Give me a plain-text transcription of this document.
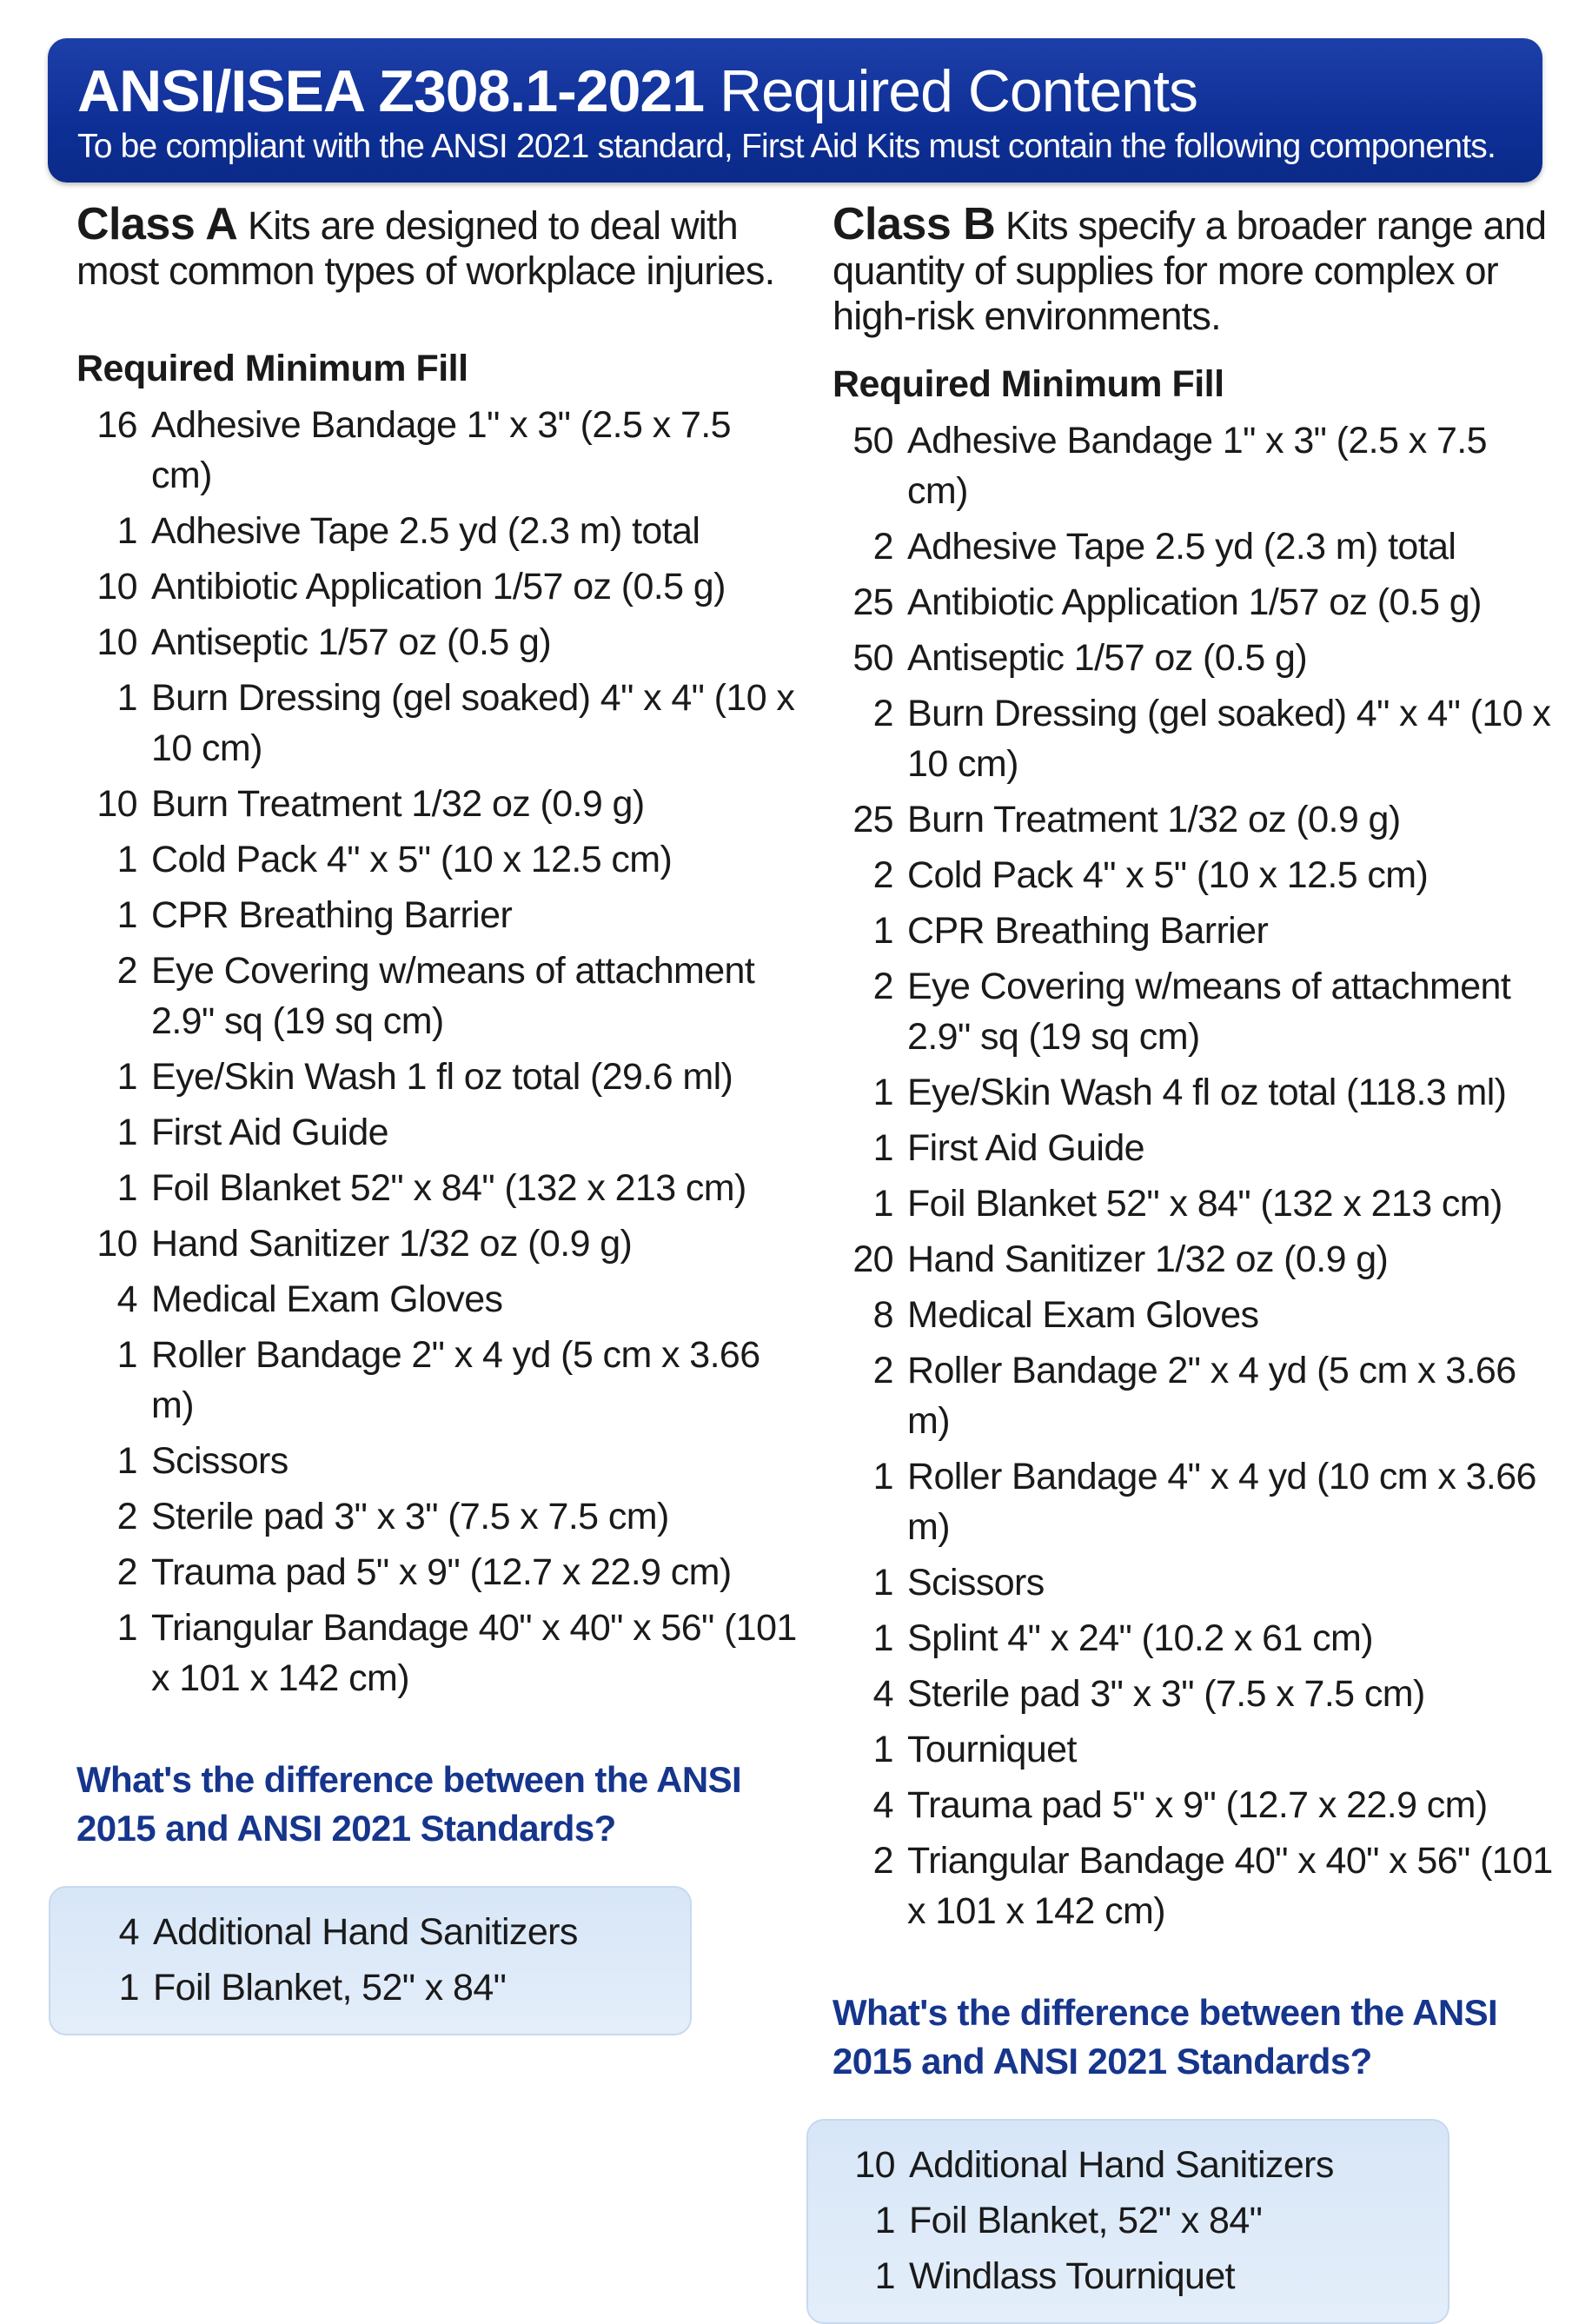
ANSI/ISEA Z308.1-2021 Required Contents
To be compliant with the ANSI 2021 standard, First Aid Kits must contain the following components.
Class A Kits are designed to deal with most common types of workplace injuries.
Required Minimum Fill
16 Adhesive Bandage 1" x 3" (2.5 x 7.5 cm)
1 Adhesive Tape 2.5 yd (2.3 m) total
10 Antibiotic Application 1/57 oz (0.5 g)
10 Antiseptic 1/57 oz (0.5 g)
1 Burn Dressing (gel soaked) 4" x 4" (10 x 10 cm)
10 Burn Treatment 1/32 oz (0.9 g)
1 Cold Pack 4" x 5" (10 x 12.5 cm)
1 CPR Breathing Barrier
2 Eye Covering w/means of attachment 2.9" sq (19 sq cm)
1 Eye/Skin Wash 1 fl oz total (29.6 ml)
1 First Aid Guide
1 Foil Blanket 52" x 84" (132 x 213 cm)
10 Hand Sanitizer 1/32 oz (0.9 g)
4 Medical Exam Gloves
1 Roller Bandage 2" x 4 yd (5 cm x 3.66 m)
1 Scissors
2 Sterile pad 3" x 3" (7.5 x 7.5 cm)
2 Trauma pad 5" x 9" (12.7 x 22.9 cm)
1 Triangular Bandage 40" x 40" x 56" (101 x 101 x 142 cm)
What's the difference between the ANSI 2015 and ANSI 2021 Standards?
4 Additional Hand Sanitizers
1 Foil Blanket, 52" x 84"
Class B Kits specify a broader range and quantity of supplies for more complex or high-risk environments.
Required Minimum Fill
50 Adhesive Bandage 1" x 3" (2.5 x 7.5 cm)
2 Adhesive Tape 2.5 yd (2.3 m) total
25 Antibiotic Application 1/57 oz (0.5 g)
50 Antiseptic 1/57 oz (0.5 g)
2 Burn Dressing (gel soaked) 4" x 4" (10 x 10 cm)
25 Burn Treatment 1/32 oz (0.9 g)
2 Cold Pack 4" x 5" (10 x 12.5 cm)
1 CPR Breathing Barrier
2 Eye Covering w/means of attachment 2.9" sq (19 sq cm)
1 Eye/Skin Wash 4 fl oz total (118.3 ml)
1 First Aid Guide
1 Foil Blanket 52" x 84" (132 x 213 cm)
20 Hand Sanitizer 1/32 oz (0.9 g)
8 Medical Exam Gloves
2 Roller Bandage 2" x 4 yd (5 cm x 3.66 m)
1 Roller Bandage 4" x 4 yd (10 cm x 3.66 m)
1 Scissors
1 Splint 4" x 24" (10.2 x 61 cm)
4 Sterile pad 3" x 3" (7.5 x 7.5 cm)
1 Tourniquet
4 Trauma pad 5" x 9" (12.7 x 22.9 cm)
2 Triangular Bandage 40" x 40" x 56" (101 x 101 x 142 cm)
What's the difference between the ANSI 2015 and ANSI 2021 Standards?
10 Additional Hand Sanitizers
1 Foil Blanket, 52" x 84"
1 Windlass Tourniquet
